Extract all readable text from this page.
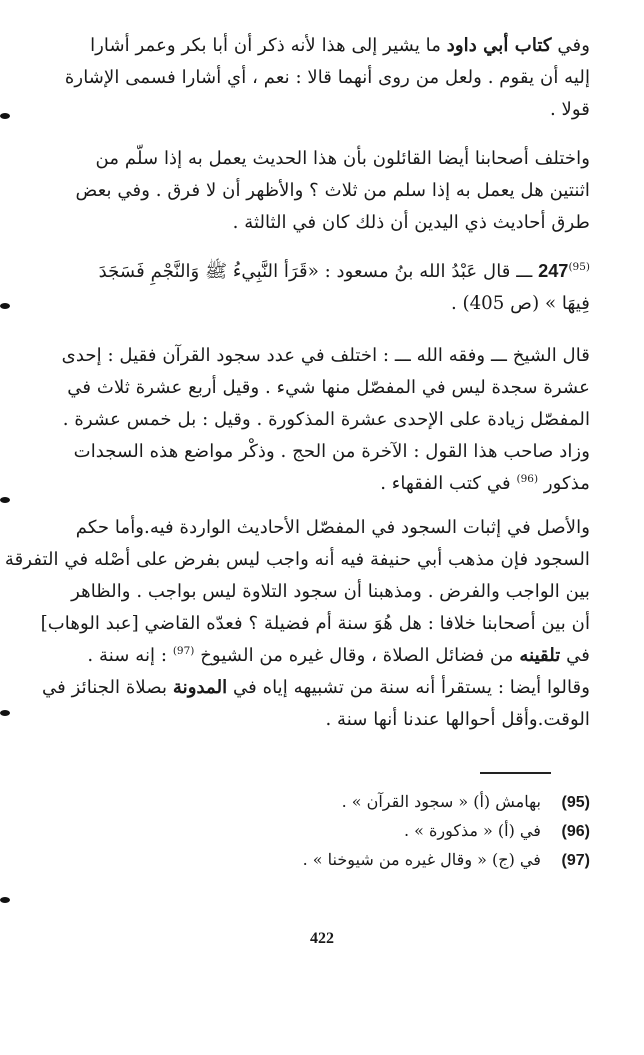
وفي كتاب أبي داود ما يشير إلى هذا لأنه ذكر أن أبا بكر وعمر أشارا
إليه أن يقوم . ولعل من روى أنهما قالا : نعم ، أي أشارا فسمى الإشارة
قولا .
واختلف أصحابنا أيضا القائلون بأن هذا الحديث يعمل به إذا سلّم من
اثنتين هل يعمل به إذا سلم من ثلاث ؟ والأظهر أن لا فرق . وفي بعض
طرق أحاديث ذي اليدين أن ذلك كان في الثالثة .
247$^{(95)}$ ـــ قال عَبْدُ الله بنُ مسعود : «قَرَأ النَّبِيءُ ﷺ وَالنَّجْمِ فَسَجَدَ
فِيهَا » (ص 405) .
قال الشيخ ـــ وفقه الله ـــ : اختلف في عدد سجود القرآن فقيل : إحدى
عشرة سجدة ليس في المفصّل منها شيء . وقيل أربع عشرة ثلاث في
المفصّل زيادة على الإحدى عشرة المذكورة . وقيل : بل خمس عشرة .
وزاد صاحب هذا القول : الآخرة من الحج . وذكْر مواضع هذه السجدات
مذكور $^{(96)}$ في كتب الفقهاء .
والأصل في إثبات السجود في المفصّل الأحاديث الواردة فيه.وأما حكم
السجود فإن مذهب أبي حنيفة فيه أنه واجب ليس بفرض على أصْله في التفرقة
بين الواجب والفرض . ومذهبنا أن سجود التلاوة ليس بواجب . والظاهر
أن بين أصحابنا خلافا : هل هُوَ سنة أم فضيلة ؟ فعدّه القاضي [عبد الوهاب]
في تلقينه من فضائل الصلاة ، وقال غيره من الشيوخ $^{(97)}$ : إنه سنة .
وقالوا أيضا : يستقرأ أنه سنة من تشبيهه إياه في المدونة بصلاة الجنائز في
الوقت.وأقل أحوالها عندنا أنها سنة .
(95) بهامش (أ) « سجود القرآن » .
(96) في (أ) « مذكورة » .
(97) في (ج) « وقال غيره من شيوخنا » .
422
